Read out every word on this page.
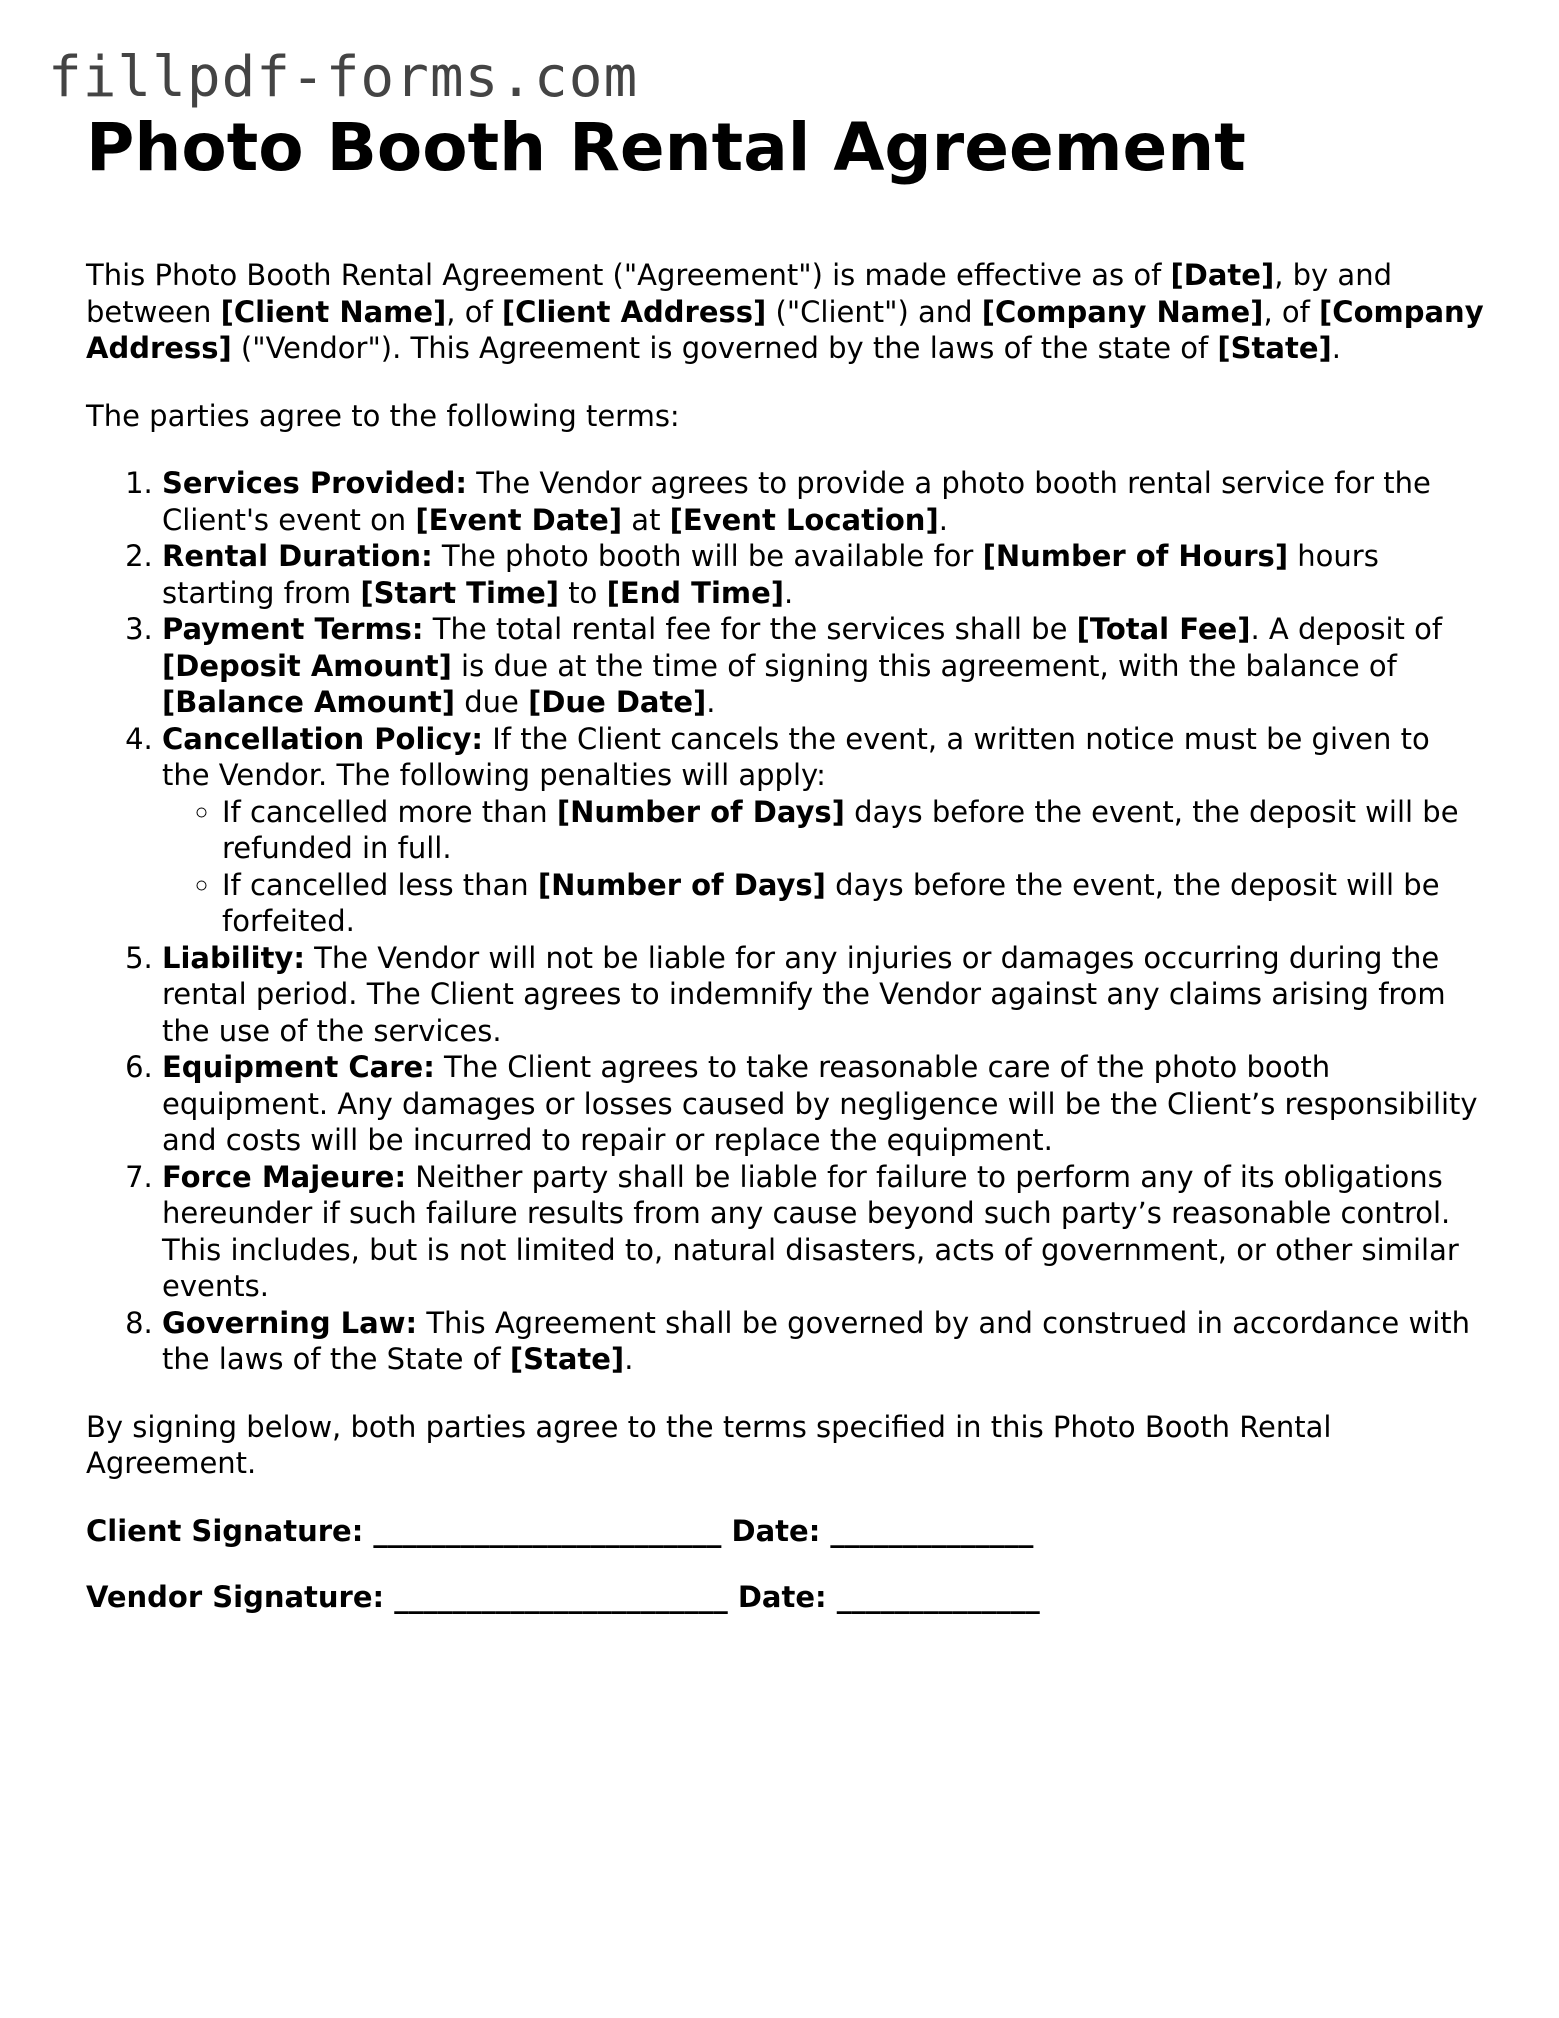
fillpdf-forms.com
Photo Booth Rental Agreement

This Photo Booth Rental Agreement ("Agreement") is made effective as of [Date], by and between [Client Name], of [Client Address] ("Client") and [Company Name], of [Company Address] ("Vendor"). This Agreement is governed by the laws of the state of [State].

The parties agree to the following terms:

1. Services Provided: The Vendor agrees to provide a photo booth rental service for the Client's event on [Event Date] at [Event Location].
2. Rental Duration: The photo booth will be available for [Number of Hours] hours starting from [Start Time] to [End Time].
3. Payment Terms: The total rental fee for the services shall be [Total Fee]. A deposit of [Deposit Amount] is due at the time of signing this agreement, with the balance of [Balance Amount] due [Due Date].
4. Cancellation Policy: If the Client cancels the event, a written notice must be given to the Vendor. The following penalties will apply:
◦ If cancelled more than [Number of Days] days before the event, the deposit will be refunded in full.
◦ If cancelled less than [Number of Days] days before the event, the deposit will be forfeited.
5. Liability: The Vendor will not be liable for any injuries or damages occurring during the rental period. The Client agrees to indemnify the Vendor against any claims arising from the use of the services.
6. Equipment Care: The Client agrees to take reasonable care of the photo booth equipment. Any damages or losses caused by negligence will be the Client’s responsibility and costs will be incurred to repair or replace the equipment.
7. Force Majeure: Neither party shall be liable for failure to perform any of its obligations hereunder if such failure results from any cause beyond such party’s reasonable control. This includes, but is not limited to, natural disasters, acts of government, or other similar events.
8. Governing Law: This Agreement shall be governed by and construed in accordance with the laws of the State of [State].

By signing below, both parties agree to the terms specified in this Photo Booth Rental Agreement.

Client Signature: ________________________ Date: ______________

Vendor Signature: _______________________ Date: ______________
